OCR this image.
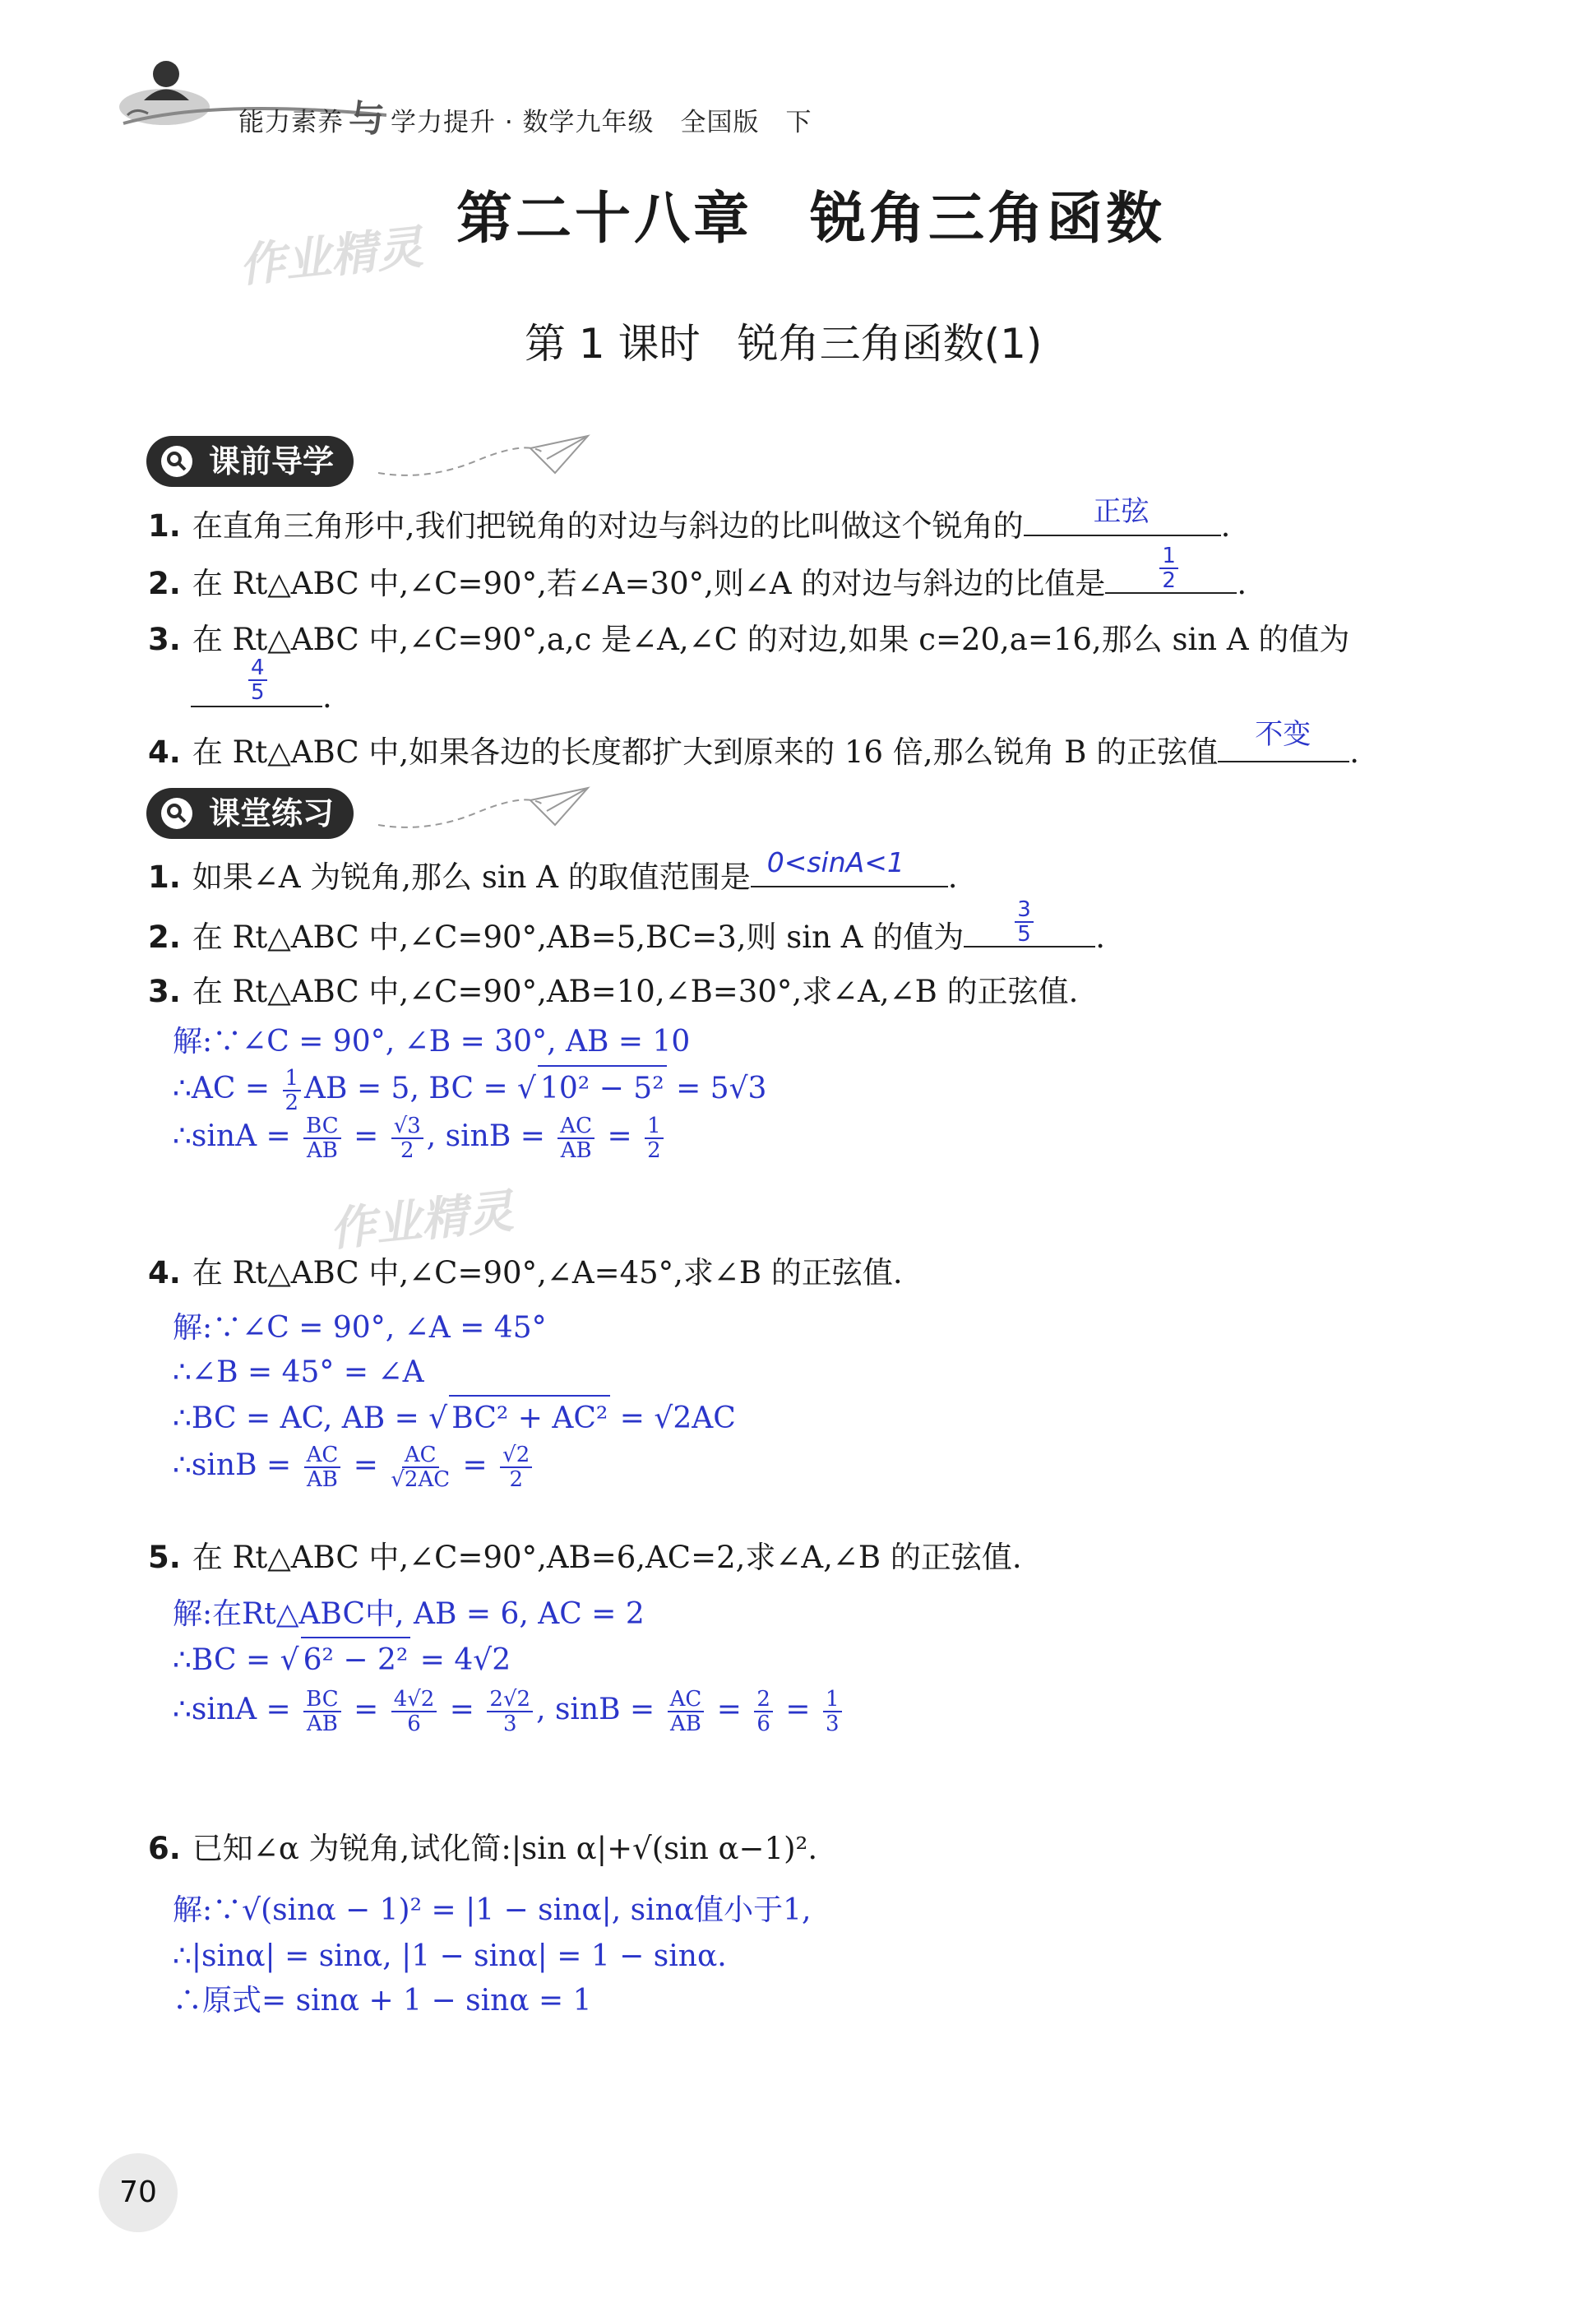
能力素养 与 学力提升 · 数学九年级　全国版　下
第二十八章 锐角三角函数
作业精灵
第 1 课时 锐角三角函数(1)
课前导学
1. 在直角三角形中,我们把锐角的对边与斜边的比叫做这个锐角的	正弦 .
2. 在 Rt△ABC 中,∠C=90°,若∠A=30°,则∠A 的对边与斜边的比值是	$\frac{1}{2}$ .
3. 在 Rt△ABC 中,∠C=90°,a,c 是∠A,∠C 的对边,如果 c=20,a=16,那么 sin A 的值为
$\frac{4}{5}$ .
4. 在 Rt△ABC 中,如果各边的长度都扩大到原来的 16 倍,那么锐角 B 的正弦值 不变 .
课堂练习
1. 如果∠A 为锐角,那么 sin A 的取值范围是 0<sinA<1 .
2. 在 Rt△ABC 中,∠C=90°,AB=5,BC=3,则 sin A 的值为 $\frac{3}{5}$ .
3. 在 Rt△ABC 中,∠C=90°,AB=10,∠B=30°,求∠A,∠B 的正弦值.
解:∵∠C = 90°, ∠B = 30°, AB = 10
∴AC = $\frac{1}{2}$ AB = 5, BC = √ 10² − 5² = 5√3
∴sinA = $\frac{BC}{AB} = \frac{√3}{2}$ , $\sin B = \frac{AC}{AB} = \frac{1}{2}$
作业精灵
4. 在 Rt△ABC 中,∠C=90°,∠A=45°,求∠B 的正弦值.
解:∵∠C = 90°, ∠A = 45°
∴∠B = 45° = ∠A
∴BC = AC, AB = √ BC² + AC² = √2AC
∴sinB = $\frac{AC}{AB} = \frac{AC}{√2AC} = \frac{√2}{2}$
5. 在 Rt△ABC 中,∠C=90°,AB=6,AC=2,求∠A,∠B 的正弦值.
解:在Rt△ABC中, AB = 6, AC = 2
∴BC = √ 6² − 2² = 4√2
∴sinA = $\frac{BC}{AB} = \frac{4√2}{6} = \frac{2√2}{3}$ , $\sin B = \frac{AC}{AB} = \frac{2}{6} = \frac{1}{3}$
6. 已知∠α 为锐角,试化简:|sin α|+√(sin α−1)².
解:∵√(sinα − 1)² = |1 − sinα|, sinα值小于1,
∴|sinα| = sinα, |1 − sinα| = 1 − sinα.
∴原式= sinα + 1 − sinα = 1
70
